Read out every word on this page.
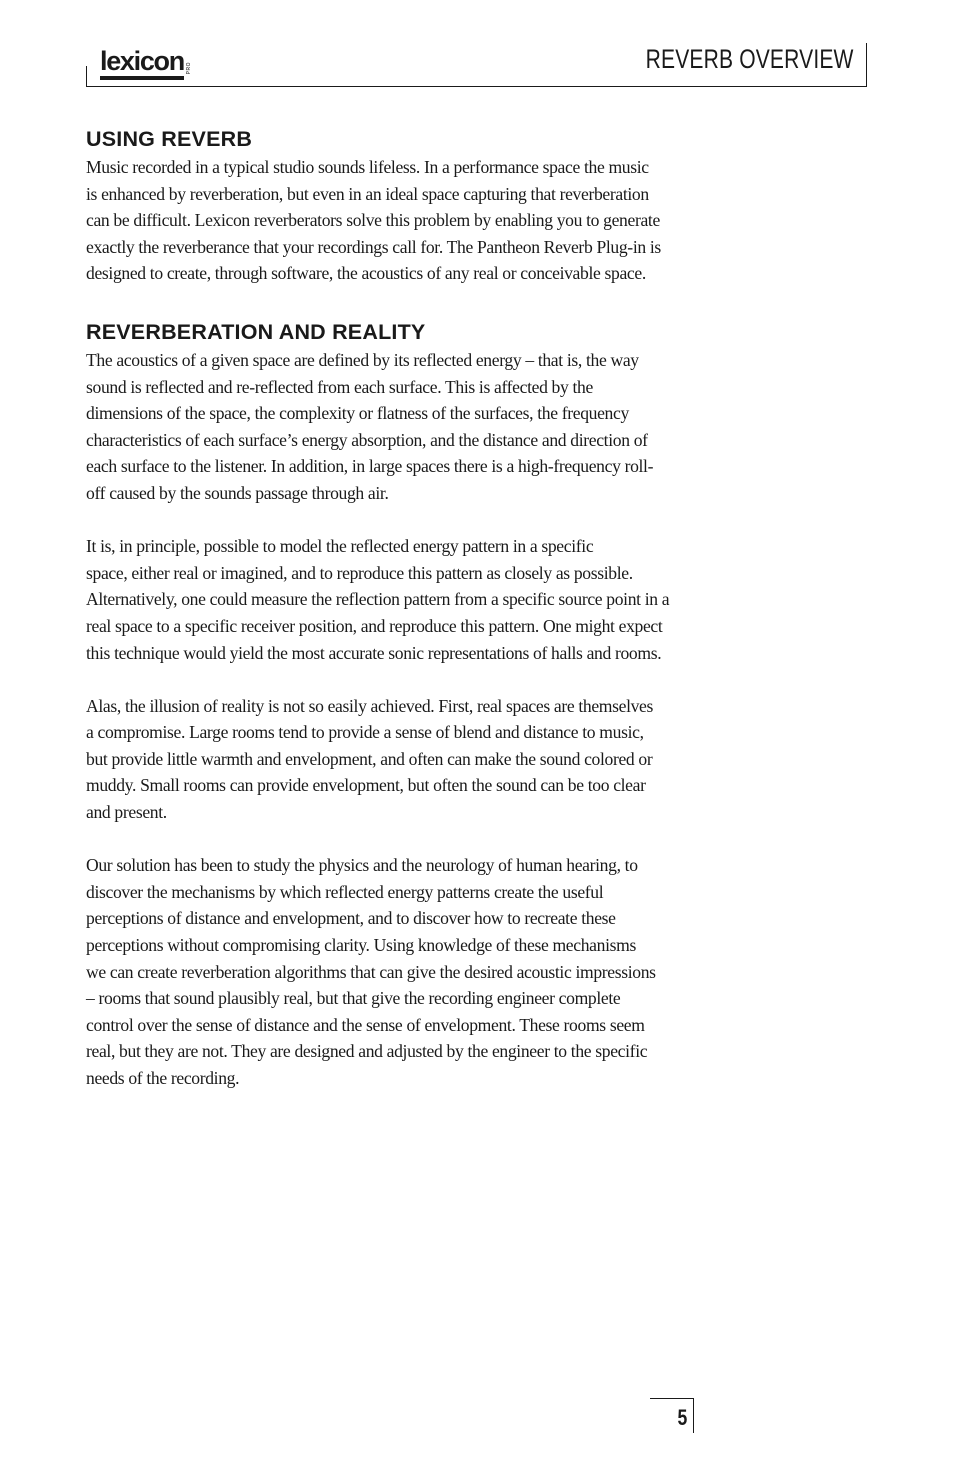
lexicon PRO	REVERB OVERVIEW
USING REVERB

Music recorded in a typical studio sounds lifeless. In a performance space the music
is enhanced by reverberation, but even in an ideal space capturing that reverberation
can be difficult. Lexicon reverberators solve this problem by enabling you to generate
exactly the reverberance that your recordings call for. The Pantheon Reverb Plug-in is
designed to create, through software, the acoustics of any real or conceivable space.

REVERBERATION AND REALITY

The acoustics of a given space are defined by its reflected energy – that is, the way
sound is reflected and re-reflected from each surface. This is affected by the
dimensions of the space, the complexity or flatness of the surfaces, the frequency
characteristics of each surface’s energy absorption, and the distance and direction of
each surface to the listener. In addition, in large spaces there is a high-frequency roll-
off caused by the sounds passage through air.

It is, in principle, possible to model the reflected energy pattern in a specific
space, either real or imagined, and to reproduce this pattern as closely as possible.
Alternatively, one could measure the reflection pattern from a specific source point in a
real space to a specific receiver position, and reproduce this pattern. One might expect
this technique would yield the most accurate sonic representations of halls and rooms.

Alas, the illusion of reality is not so easily achieved. First, real spaces are themselves
a compromise. Large rooms tend to provide a sense of blend and distance to music,
but provide little warmth and envelopment, and often can make the sound colored or
muddy. Small rooms can provide envelopment, but often the sound can be too clear
and present.

Our solution has been to study the physics and the neurology of human hearing, to
discover the mechanisms by which reflected energy patterns create the useful
perceptions of distance and envelopment, and to discover how to recreate these
perceptions without compromising clarity. Using knowledge of these mechanisms
we can create reverberation algorithms that can give the desired acoustic impressions
– rooms that sound plausibly real, but that give the recording engineer complete
control over the sense of distance and the sense of envelopment. These rooms seem
real, but they are not. They are designed and adjusted by the engineer to the specific
needs of the recording.

5
